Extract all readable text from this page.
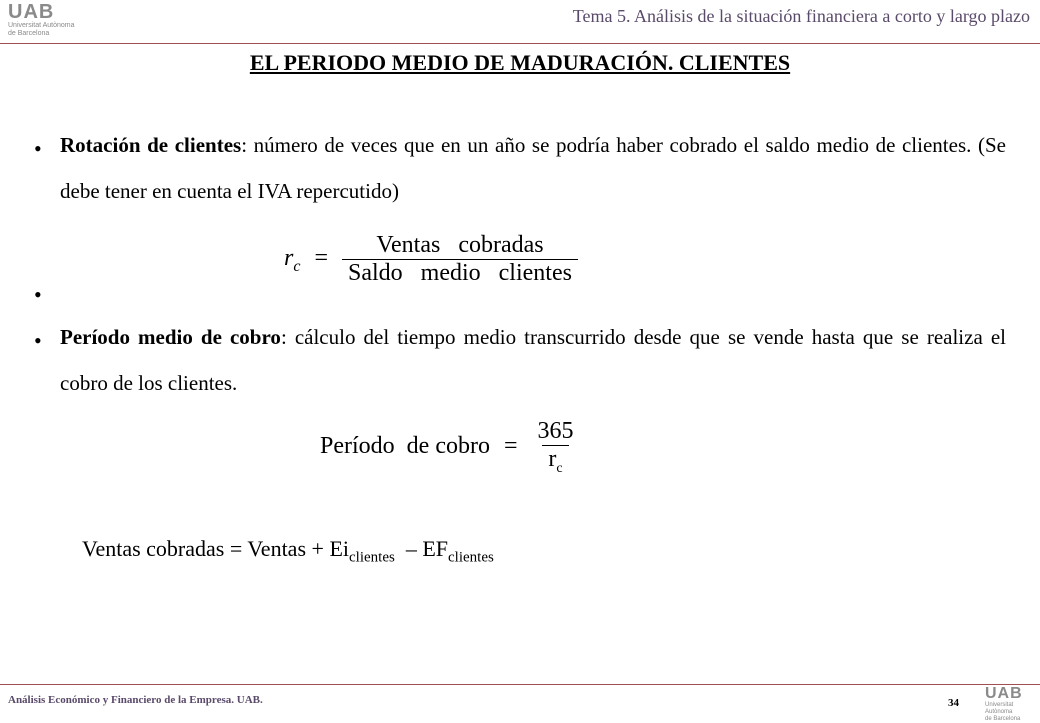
UAB
Universitat Autònoma
de Barcelona
Tema 5. Análisis de la situación financiera a corto y largo plazo
EL PERIODO MEDIO DE MADURACIÓN. CLIENTES
• Rotación de clientes: número de veces que en un año se podría haber cobrado el saldo medio de clientes. (Se debe tener en cuenta el IVA repercutido)
•
$r_c = \frac{\text{Ventas   cobradas}}{\text{Saldo   medio   clientes}}$
• Período medio de cobro: cálculo del tiempo medio transcurrido desde que se vende hasta que se realiza el cobro de los clientes.
Período  de cobro = $\frac{365}{r_c}$
Ventas cobradas = Ventas + $Ei_{clientes} - EF_{clientes}$
Análisis Económico y Financiero de la Empresa. UAB.	34
UAB
Universitat Autònoma
de Barcelona
